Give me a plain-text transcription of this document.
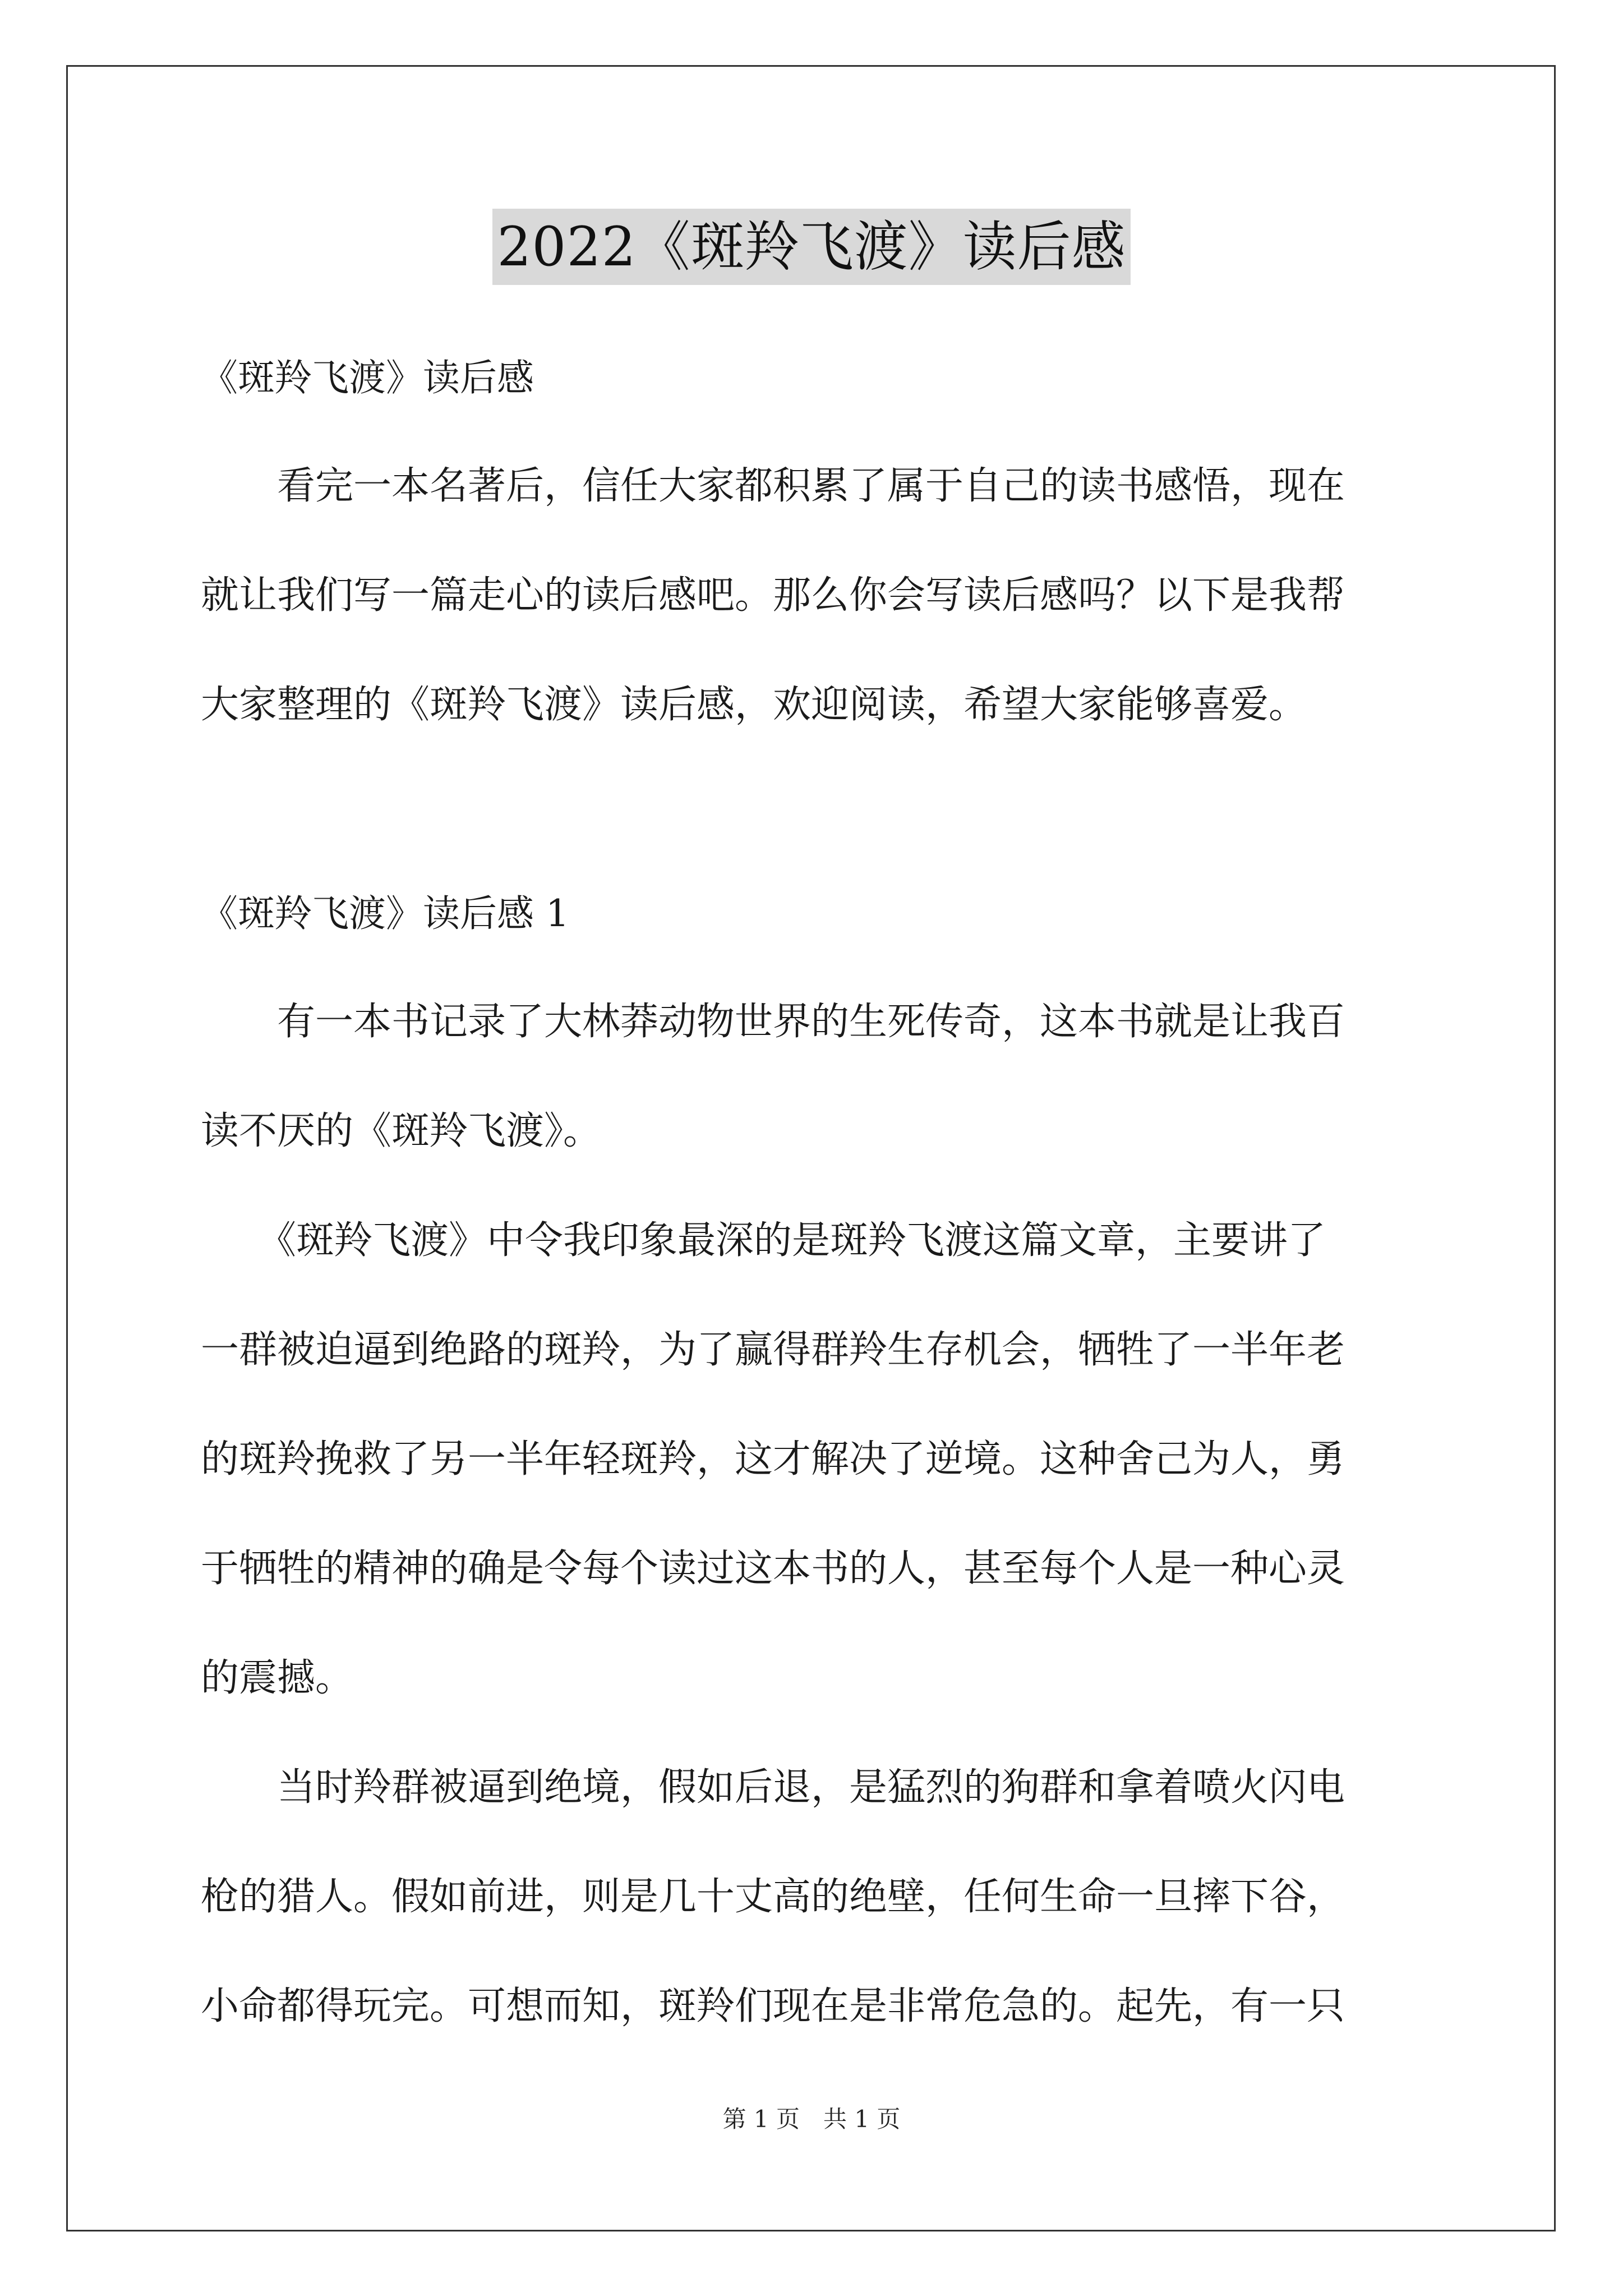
2022《斑羚飞渡》读后感
《斑羚飞渡》读后感
　　看完一本名著后，信任大家都积累了属于自己的读书感悟，现在
就让我们写一篇走心的读后感吧。那么你会写读后感吗？以下是我帮
大家整理的《斑羚飞渡》读后感，欢迎阅读，希望大家能够喜爱。
《斑羚飞渡》读后感 1
　　有一本书记录了大林莽动物世界的生死传奇，这本书就是让我百
读不厌的《斑羚飞渡》。
　　《斑羚飞渡》中令我印象最深的是斑羚飞渡这篇文章，主要讲了
一群被迫逼到绝路的斑羚，为了赢得群羚生存机会，牺牲了一半年老
的斑羚挽救了另一半年轻斑羚，这才解决了逆境。这种舍己为人，勇
于牺牲的精神的确是令每个读过这本书的人，甚至每个人是一种心灵
的震撼。
　　当时羚群被逼到绝境，假如后退，是猛烈的狗群和拿着喷火闪电
枪的猎人。假如前进，则是几十丈高的绝壁，任何生命一旦摔下谷，
小命都得玩完。可想而知，斑羚们现在是非常危急的。起先，有一只
第 1 页　共 1 页
